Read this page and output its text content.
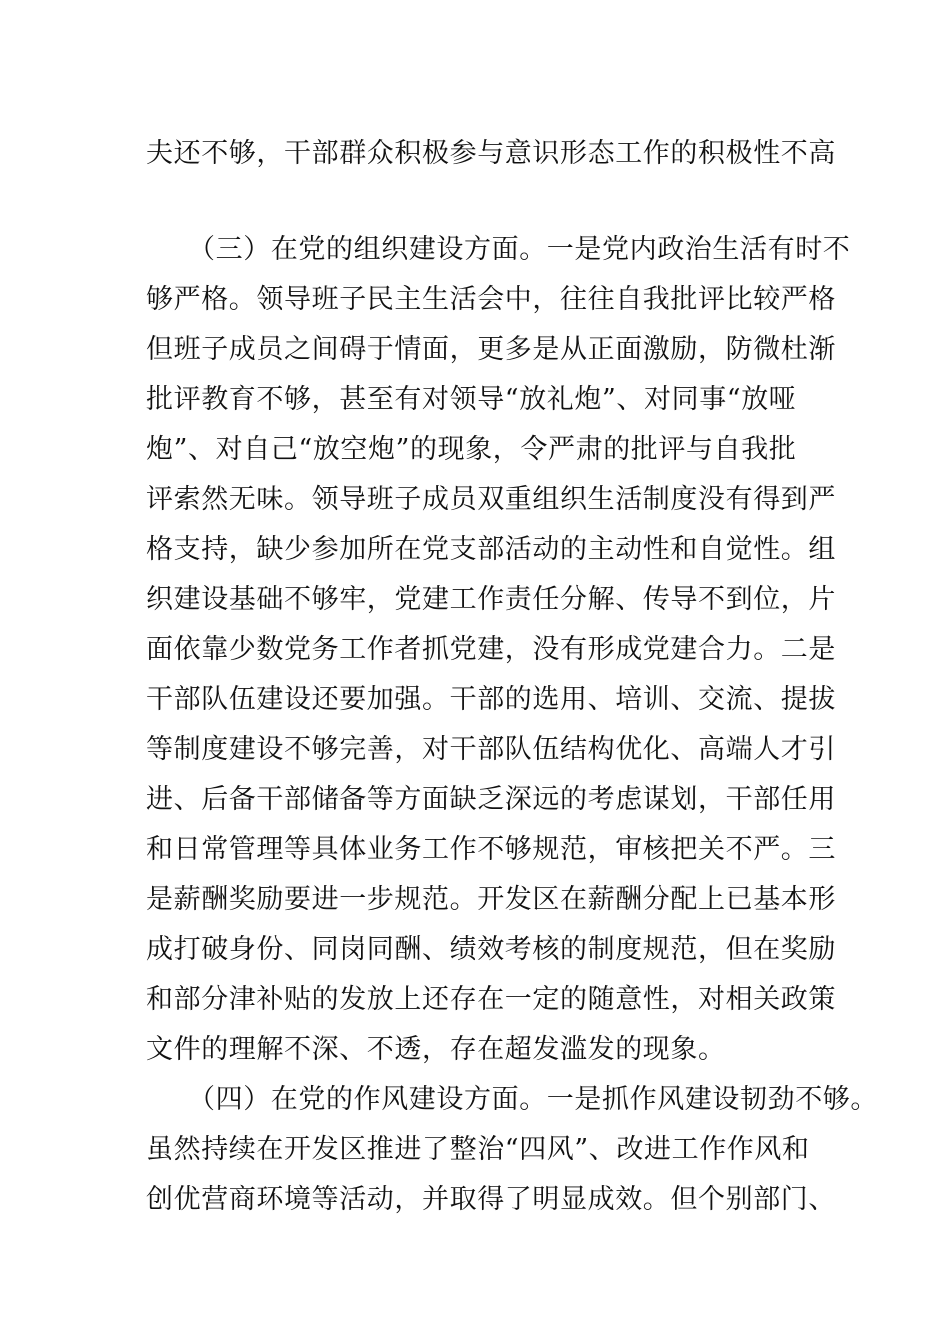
夫还不够，干部群众积极参与意识形态工作的积极性不高
（三）在党的组织建设方面。一是党内政治生活有时不
够严格。领导班子民主生活会中，往往自我批评比较严格
但班子成员之间碍于情面，更多是从正面激励，防微杜渐
批评教育不够，甚至有对领导“放礼炮”、对同事“放哑
炮”、对自己“放空炮”的现象，令严肃的批评与自我批
评索然无味。领导班子成员双重组织生活制度没有得到严
格支持，缺少参加所在党支部活动的主动性和自觉性。组
织建设基础不够牢，党建工作责任分解、传导不到位，片
面依靠少数党务工作者抓党建，没有形成党建合力。二是
干部队伍建设还要加强。干部的选用、培训、交流、提拔
等制度建设不够完善，对干部队伍结构优化、高端人才引
进、后备干部储备等方面缺乏深远的考虑谋划，干部任用
和日常管理等具体业务工作不够规范，审核把关不严。三
是薪酬奖励要进一步规范。开发区在薪酬分配上已基本形
成打破身份、同岗同酬、绩效考核的制度规范，但在奖励
和部分津补贴的发放上还存在一定的随意性，对相关政策
文件的理解不深、不透，存在超发滥发的现象。
（四）在党的作风建设方面。一是抓作风建设韧劲不够。
虽然持续在开发区推进了整治“四风”、改进工作作风和
创优营商环境等活动，并取得了明显成效。但个别部门、
